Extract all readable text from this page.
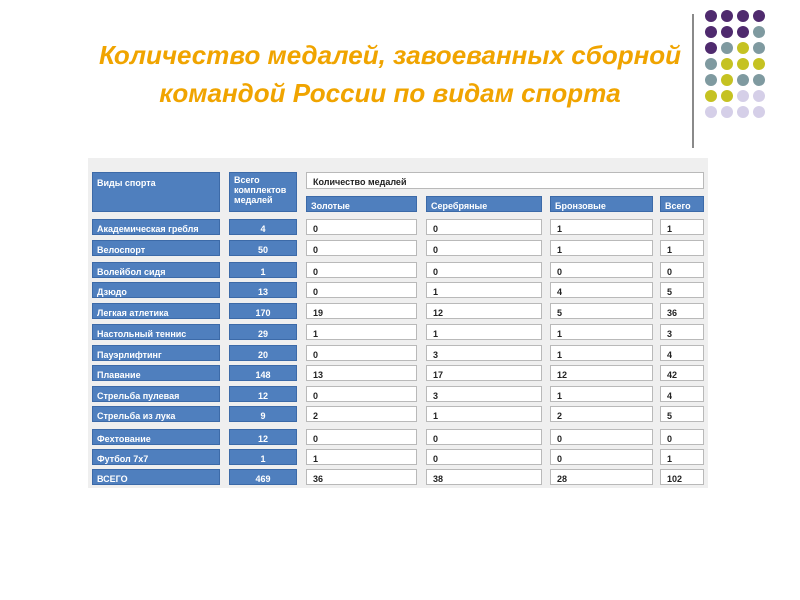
Количество медалей, завоеванных сборной
командой России по видам спорта
Виды спорта	Всего
комплектов
медалей
Количество медалей
Золотые	Серебряные	Бронзовые	Всего
Академическая гребля	4	0	0	1	1
Велоспорт	50	0	0	1	1
Волейбол сидя	1	0	0	0	0
Дзюдо	13	0	1	4	5
Легкая атлетика	170	19	12	5	36
Настольный теннис	29	1	1	1	3
Пауэрлифтинг	20	0	3	1	4
Плавание	148	13	17	12	42
Стрельба пулевая	12	0	3	1	4
Стрельба из лука	9	2	1	2	5
Фехтование	12	0	0	0	0
Футбол 7x7	1	1	0	0	1
ВСЕГО	469	36	38	28	102
